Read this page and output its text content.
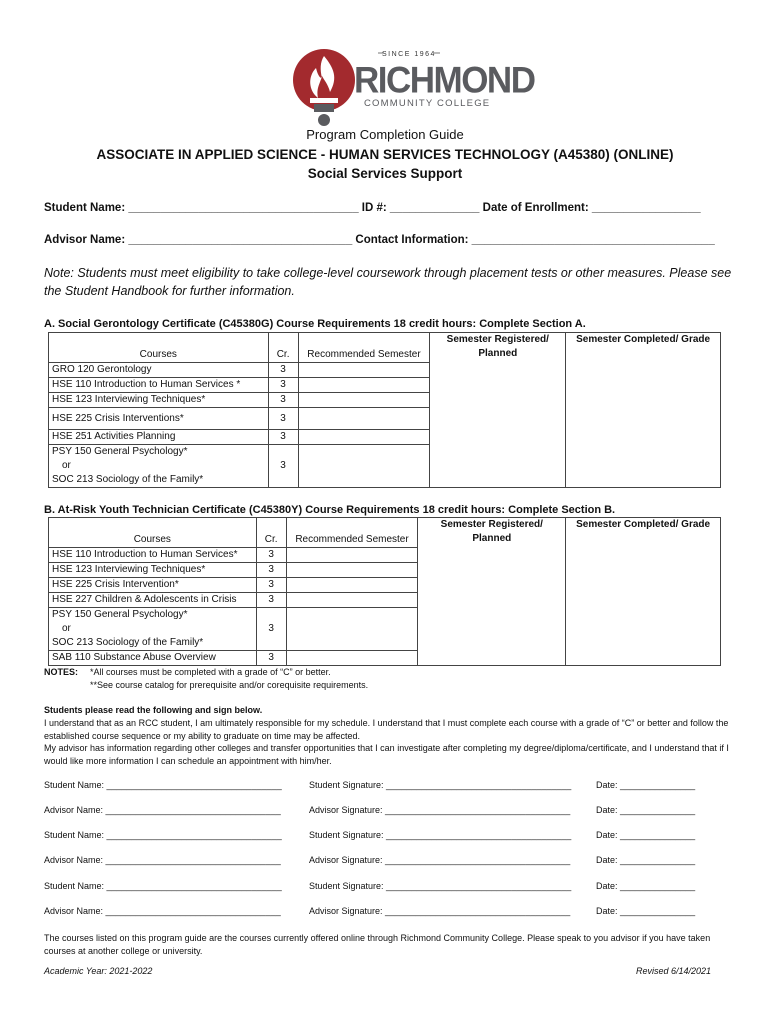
SINCE 1964
RICHMOND
COMMUNITY COLLEGE
Program Completion Guide
ASSOCIATE IN APPLIED SCIENCE - HUMAN SERVICES TECHNOLOGY (A45380) (ONLINE)
Social Services Support
Student Name: ____________________________________ ID #: ______________ Date of Enrollment: _________________
Advisor Name: ___________________________________ Contact Information: ______________________________________
Note: Students must meet eligibility to take college-level coursework through placement tests or other measures. Please see the Student Handbook for further information.
A. Social Gerontology Certificate (C45380G) Course Requirements 18 credit hours: Complete Section A.
Courses	Cr.	Recommended Semester	Semester Registered/ Planned	Semester Completed/ Grade
GRO 120 Gerontology	3			
HSE 110 Introduction to Human Services *	3			
HSE 123 Interviewing Techniques*	3			
HSE 225 Crisis Interventions*	3			
HSE 251 Activities Planning	3			

PSY 150 General Psychology*
or
SOC 213 Sociology of the Family*	3			
B. At-Risk Youth Technician Certificate (C45380Y) Course Requirements 18 credit hours: Complete Section B.
Courses	Cr.	Recommended Semester	Semester Registered/ Planned	Semester Completed/ Grade
HSE 110 Introduction to Human Services*	3			
HSE 123 Interviewing Techniques*	3			
HSE 225 Crisis Intervention*	3			
HSE 227 Children & Adolescents in Crisis	3			

PSY 150 General Psychology*
or
SOC 213 Sociology of the Family*	3			
SAB 110 Substance Abuse Overview	3			
NOTES: *All courses must be completed with a grade of “C” or better.
**See course catalog for prerequisite and/or corequisite requirements.
Students please read the following and sign below.
I understand that as an RCC student, I am ultimately responsible for my schedule. I understand that I must complete each course with a grade of “C” or better and follow the established course sequence or my ability to graduate on time may be affected.
My advisor has information regarding other colleges and transfer opportunities that I can investigate after completing my degree/diploma/certificate, and I understand that if I would like more information I can schedule an appointment with him/her.
Student Name: ___________________________________	Student Signature: _____________________________________	Date: _______________
Advisor Name: ___________________________________	Advisor Signature: _____________________________________	Date: _______________
Student Name: ___________________________________	Student Signature: _____________________________________	Date: _______________
Advisor Name: ___________________________________	Advisor Signature: _____________________________________	Date: _______________
Student Name: ___________________________________	Student Signature: _____________________________________	Date: _______________
Advisor Name: ___________________________________	Advisor Signature: _____________________________________	Date: _______________
The courses listed on this program guide are the courses currently offered online through Richmond Community College. Please speak to you advisor if you have taken courses at another college or university.
Academic Year: 2021-2022	Revised 6/14/2021
